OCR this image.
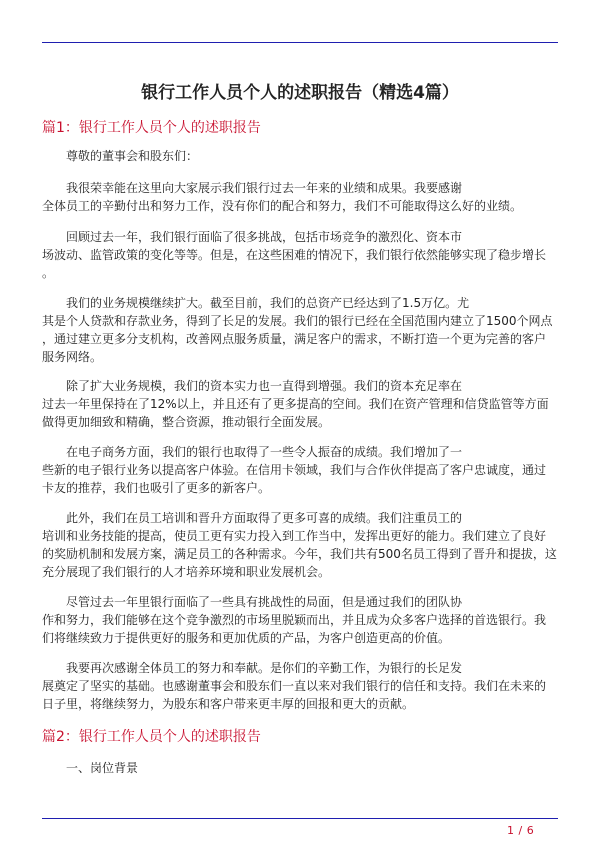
银行工作人员个人的述职报告（精选4篇）
篇1：银行工作人员个人的述职报告
尊敬的董事会和股东们：
我很荣幸能在这里向大家展示我们银行过去一年来的业绩和成果。我要感谢
全体员工的辛勤付出和努力工作，没有你们的配合和努力，我们不可能取得这么好的业绩。
回顾过去一年，我们银行面临了很多挑战，包括市场竞争的激烈化、资本市
场波动、监管政策的变化等等。但是，在这些困难的情况下，我们银行依然能够实现了稳步增长
。
我们的业务规模继续扩大。截至目前，我们的总资产已经达到了1.5万亿。尤
其是个人贷款和存款业务，得到了长足的发展。我们的银行已经在全国范围内建立了1500个网点
，通过建立更多分支机构，改善网点服务质量，满足客户的需求，不断打造一个更为完善的客户
服务网络。
除了扩大业务规模，我们的资本实力也一直得到增强。我们的资本充足率在
过去一年里保持在了12%以上，并且还有了更多提高的空间。我们在资产管理和信贷监管等方面
做得更加细致和精确，整合资源，推动银行全面发展。
在电子商务方面，我们的银行也取得了一些令人振奋的成绩。我们增加了一
些新的电子银行业务以提高客户体验。在信用卡领域，我们与合作伙伴提高了客户忠诚度，通过
卡友的推荐，我们也吸引了更多的新客户。
此外，我们在员工培训和晋升方面取得了更多可喜的成绩。我们注重员工的
培训和业务技能的提高，使员工更有实力投入到工作当中，发挥出更好的能力。我们建立了良好
的奖励机制和发展方案，满足员工的各种需求。今年，我们共有500名员工得到了晋升和提拔，这
充分展现了我们银行的人才培养环境和职业发展机会。
尽管过去一年里银行面临了一些具有挑战性的局面，但是通过我们的团队协
作和努力，我们能够在这个竞争激烈的市场里脱颖而出，并且成为众多客户选择的首选银行。我
们将继续致力于提供更好的服务和更加优质的产品，为客户创造更高的价值。
我要再次感谢全体员工的努力和奉献。是你们的辛勤工作，为银行的长足发
展奠定了坚实的基础。也感谢董事会和股东们一直以来对我们银行的信任和支持。我们在未来的
日子里，将继续努力，为股东和客户带来更丰厚的回报和更大的贡献。
篇2：银行工作人员个人的述职报告
一、岗位背景
1 / 6
